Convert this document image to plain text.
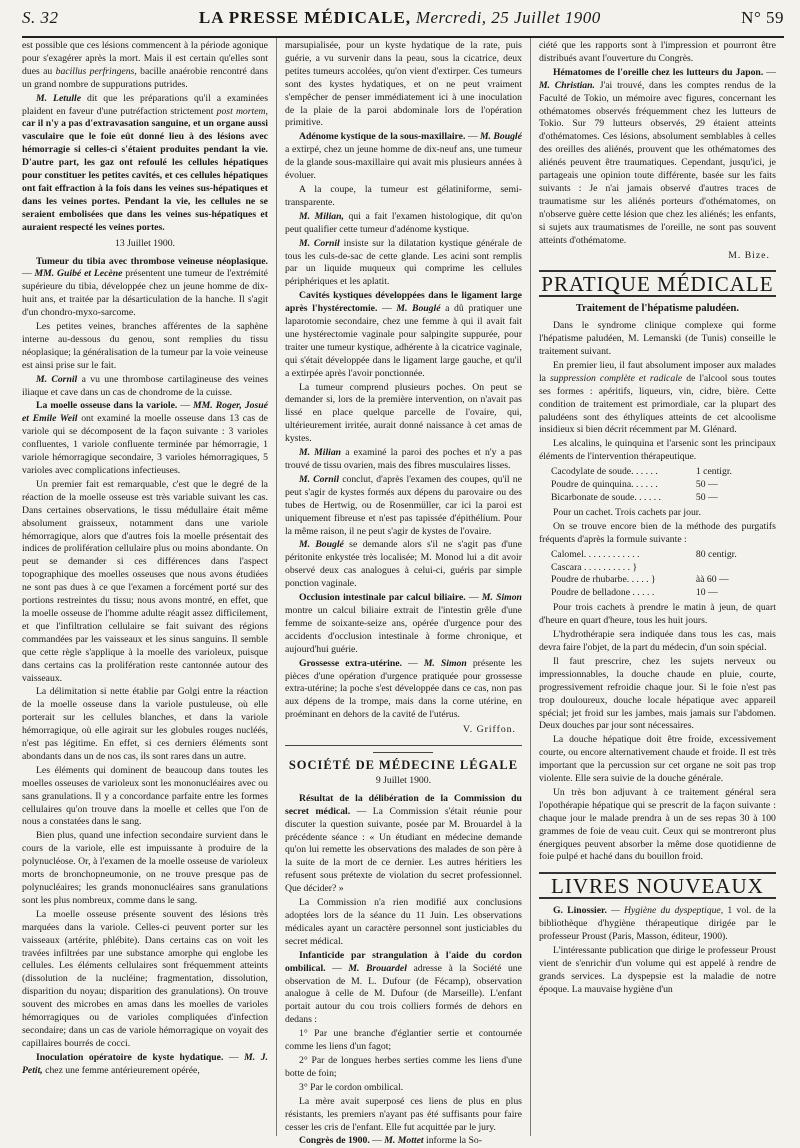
S. 32	LA PRESSE MÉDICALE, Mercredi, 25 Juillet 1900	N° 59

est possible que ces lésions commencent à la période agonique pour s'exagérer après la mort. Mais il est certain qu'elles sont dues au bacillus perfringens, bacille anaérobie rencontré dans un grand nombre de suppurations putrides.

M. Letulle dit que les préparations qu'il a examinées plaident en faveur d'une putréfaction strictement post mortem, car il n'y a pas d'extravasation sanguine, et un organe aussi vasculaire que le foie eût donné lieu à des lésions avec hémorragie si celles-ci s'étaient produites pendant la vie. D'autre part, les gaz ont refoulé les cellules hépatiques pour constituer les petites cavités, et ces cellules hépatiques ont fait effraction à la fois dans les veines sus-hépatiques et dans les veines portes. Pendant la vie, les cellules ne se seraient embolisées que dans les veines sus-hépatiques et auraient respecté les veines portes.

13 Juillet 1900.

Tumeur du tibia avec thrombose veineuse néoplasique. — MM. Guibé et Lecène présentent une tumeur de l'extrémité supérieure du tibia, développée chez un jeune homme de dix-huit ans, et traitée par la désarticulation de la hanche. Il s'agit d'un chondro-myxo-sarcome.

Les petites veines, branches afférentes de la saphène interne au-dessous du genou, sont remplies du tissu néoplasique; la généralisation de la tumeur par la voie veineuse est ainsi prise sur le fait.

M. Cornil a vu une thrombose cartilagineuse des veines iliaque et cave dans un cas de chondrome de la cuisse.

La moelle osseuse dans la variole. — MM. Roger, Josué et Emile Weil ont examiné la moelle osseuse dans 13 cas de variole qui se décomposent de la façon suivante : 3 varioles confluentes, 1 variole confluente terminée par hémorragie, 1 variole hémorragique secondaire, 3 varioles hémorragiques, 5 varioles avec complications infectieuses.

Un premier fait est remarquable, c'est que le degré de la réaction de la moelle osseuse est très variable suivant les cas. Dans certaines observations, le tissu médullaire était même absolument graisseux, notamment dans une variole hémorragique, alors que d'autres fois la moelle présentait des indices de prolifération cellulaire plus ou moins abondante. On peut se demander si ces différences dans l'aspect topographique des moelles osseuses que nous avons étudiées ne sont pas dues à ce que l'examen a forcément porté sur des portions restreintes du tissu; nous avons montré, en effet, que la moelle osseuse de l'homme adulte réagit assez difficilement, et que l'infiltration cellulaire se fait suivant des régions commandées par les vaisseaux et les sinus sanguins. Il semble que cette règle s'applique à la moelle des varioleux, puisque dans certains cas la prolifération reste cantonnée autour des vaisseaux.

La délimitation si nette établie par Golgi entre la réaction de la moelle osseuse dans la variole pustuleuse, où elle porterait sur les cellules blanches, et dans la variole hémorragique, où elle agirait sur les globules rouges nucléés, n'est pas légitime. En effet, si ces derniers éléments sont abondants dans un de nos cas, ils sont rares dans un autre.

Les éléments qui dominent de beaucoup dans toutes les moelles osseuses de varioleux sont les mononucléaires avec ou sans granulations. Il y a concordance parfaite entre les formes cellulaires qu'on trouve dans la moelle et celles que l'on de nous a constatées dans le sang.

Bien plus, quand une infection secondaire survient dans le cours de la variole, elle est impuissante à produire de la polynucléose. Or, à l'examen de la moelle osseuse de varioleux morts de bronchopneumonie, on ne trouve presque pas de polynucléaires; les grands mononucléaires sans granulations sont les plus nombreux, comme dans le sang.

La moelle osseuse présente souvent des lésions très marquées dans la variole. Celles-ci peuvent porter sur les vaisseaux (artérite, phlébite). Dans certains cas on voit les travées infiltrées par une substance amorphe qui englobe les cellules. Les éléments cellulaires sont fréquemment atteints (dissolution de la nucléine; fragmentation, dissolution, disparition du noyau; disparition des granulations). On trouve souvent des microbes en amas dans les moelles de varioles hémorragiques ou de varioles compliquées d'infection secondaire; dans un cas de variole hémorragique on voyait des capillaires bourrés de cocci.

Inoculation opératoire de kyste hydatique. — M. J. Petit, chez une femme antérieurement opérée,

marsupialisée, pour un kyste hydatique de la rate, puis guérie, a vu survenir dans la peau, sous la cicatrice, deux petites tumeurs accolées, qu'on vient d'extirper. Ces tumeurs sont des kystes hydatiques, et on ne peut vraiment s'empêcher de penser immédiatement ici à une inoculation de la plaie de la paroi abdominale lors de l'opération primitive.

Adénome kystique de la sous-maxillaire. — M. Bouglé a extirpé, chez un jeune homme de dix-neuf ans, une tumeur de la glande sous-maxillaire qui avait mis plusieurs années à évoluer.

A la coupe, la tumeur est gélatiniforme, semi-transparente.

M. Milian, qui a fait l'examen histologique, dit qu'on peut qualifier cette tumeur d'adénome kystique.

M. Cornil insiste sur la dilatation kystique générale de tous les culs-de-sac de cette glande. Les acini sont remplis par un liquide muqueux qui comprime les cellules périphériques et les aplatit.

Cavités kystiques développées dans le ligament large après l'hystérectomie. — M. Bouglé a dû pratiquer une laparotomie secondaire, chez une femme à qui il avait fait une hystérectomie vaginale pour salpingite suppurée, pour traiter une tumeur kystique, adhérente à la cicatrice vaginale, qui s'était développée dans le ligament large gauche, et qu'il a extirpée après l'avoir ponctionnée.

La tumeur comprend plusieurs poches. On peut se demander si, lors de la première intervention, on n'avait pas lissé en place quelque parcelle de l'ovaire, qui, ultérieurement irritée, aurait donné naissance à cet amas de kystes.

M. Milian a examiné la paroi des poches et n'y a pas trouvé de tissu ovarien, mais des fibres musculaires lisses.

M. Cornil conclut, d'après l'examen des coupes, qu'il ne peut s'agir de kystes formés aux dépens du parovaire ou des tubes de Hertwig, ou de Rosenmüller, car ici la paroi est uniquement fibreuse et n'est pas tapissée d'épithélium. Pour la même raison, il ne peut s'agir de kystes de l'ovaire.

M. Bouglé se demande alors s'il ne s'agit pas d'une péritonite enkystée très localisée; M. Monod lui a dit avoir observé deux cas analogues à celui-ci, guéris par simple ponction vaginale.

Occlusion intestinale par calcul biliaire. — M. Simon montre un calcul biliaire extrait de l'intestin grêle d'une femme de soixante-seize ans, opérée d'urgence pour des accidents d'occlusion intestinale à forme chronique, et aujourd'hui guérie.

Grossesse extra-utérine. — M. Simon présente les pièces d'une opération d'urgence pratiquée pour grossesse extra-utérine; la poche s'est développée dans ce cas, non pas aux dépens de la trompe, mais dans la corne utérine, en proéminant en dehors de la cavité de l'utérus.

V. Griffon.

SOCIÉTÉ DE MÉDECINE LÉGALE

9 Juillet 1900.

Résultat de la délibération de la Commission du secret médical. — La Commission s'était réunie pour discuter la question suivante, posée par M. Brouardel à la précédente séance : « Un étudiant en médecine demande qu'on lui remette les observations des malades de son père à la suite de la mort de ce dernier. Les autres héritiers les refusent sous prétexte de violation du secret professionnel. Que décider? »

La Commission n'a rien modifié aux conclusions adoptées lors de la séance du 11 Juin. Les observations médicales ayant un caractère personnel sont justiciables du secret médical.

Infanticide par strangulation à l'aide du cordon ombilical. — M. Brouardel adresse à la Société une observation de M. L. Dufour (de Fécamp), observation analogue à celle de M. Dufour (de Marseille). L'enfant portait autour du cou trois colliers formés de dehors en dedans :

1° Par une branche d'églantier sertie et contournée comme les liens d'un fagot;

2° Par de longues herbes serties comme les liens d'une botte de foin;

3° Par le cordon ombilical.

La mère avait superposé ces liens de plus en plus résistants, les premiers n'ayant pas été suffisants pour faire cesser les cris de l'enfant. Elle fut acquittée par le jury.

Congrès de 1900. — M. Mottet informe la So-

ciété que les rapports sont à l'impression et pourront être distribués avant l'ouverture du Congrès.

Hématomes de l'oreille chez les lutteurs du Japon. — M. Christian. J'ai trouvé, dans les comptes rendus de la Faculté de Tokio, un mémoire avec figures, concernant les othématomes observés fréquemment chez les lutteurs de Tokio. Sur 79 lutteurs observés, 29 étaient atteints d'othématomes. Ces lésions, absolument semblables à celles des oreilles des aliénés, prouvent que les othématomes des aliénés peuvent être traumatiques. Cependant, jusqu'ici, je partageais une opinion toute différente, basée sur les faits suivants : Je n'ai jamais observé d'autres traces de traumatisme sur les aliénés porteurs d'othématomes, on n'observe guère cette lésion que chez les aliénés; les enfants, si sujets aux traumatismes de l'oreille, ne sont pas souvent atteints d'othématome.

M. Bize.

PRATIQUE MÉDICALE

Traitement de l'hépatisme paludéen.

Dans le syndrome clinique complexe qui forme l'hépatisme paludéen, M. Lemanski (de Tunis) conseille le traitement suivant.

En premier lieu, il faut absolument imposer aux malades la suppression complète et radicale de l'alcool sous toutes ses formes : apéritifs, liqueurs, vin, cidre, bière. Cette condition de traitement est primordiale, car la plupart des paludéens sont des éthyliques atteints de cet alcoolisme insidieux si bien décrit récemment par M. Glénard.

Les alcalins, le quinquina et l'arsenic sont les principaux éléments de l'intervention thérapeutique.

Cacodylate de soude. . . . . .	1 centigr.
Poudre de quinquina. . . . . .	50 —
Bicarbonate de soude. . . . . .	50 —

Pour un cachet. Trois cachets par jour.

On se trouve encore bien de la méthode des purgatifs fréquents d'après la formule suivante :

Calomel. . . . . . . . . . . .	80 centigr.
Cascara . . . . . . . . . . }
Poudre de rhubarbe. . . . . }	àà 60 —
Poudre de belladone . . . . .	10 —

Pour trois cachets à prendre le matin à jeun, de quart d'heure en quart d'heure, tous les huit jours.

L'hydrothérapie sera indiquée dans tous les cas, mais devra faire l'objet, de la part du médecin, d'un soin spécial.

Il faut prescrire, chez les sujets nerveux ou impressionnables, la douche chaude en pluie, courte, progressivement refroidie chaque jour. Si le foie n'est pas trop douloureux, douche locale hépatique avec appareil spécial; jet froid sur les jambes, mais jamais sur l'abdomen. Deux douches par jour sont nécessaires.

La douche hépatique doit être froide, excessivement courte, ou encore alternativement chaude et froide. Il est très important que la percussion sur cet organe ne soit pas trop violente. Elle sera suivie de la douche générale.

Un très bon adjuvant à ce traitement général sera l'opothérapie hépatique qui se prescrit de la façon suivante : chaque jour le malade prendra à un de ses repas 30 à 100 grammes de foie de veau cuit. Ceux qui se montreront plus énergiques peuvent absorber la même dose quotidienne de foie pulpé et haché dans du bouillon froid.

LIVRES NOUVEAUX

G. Linossier. — Hygiène du dyspeptique, 1 vol. de la bibliothèque d'hygiène thérapeutique dirigée par le professeur Proust (Paris, Masson, éditeur, 1900).

L'intéressante publication que dirige le professeur Proust vient de s'enrichir d'un volume qui est appelé à rendre de grands services. La dyspepsie est la maladie de notre époque. La mauvaise hygiène d'un
